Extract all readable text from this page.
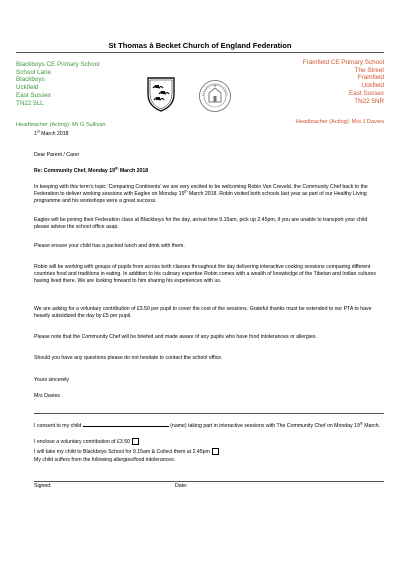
St Thomas à Becket Church of England Federation
Blackboys CE Primary School
School Lane
Blackboys
Uckfield
East Sussex
TN22 5LL
Framfield CE Primary School
The Street
Framfield
Uckfield
East Sussex
TN22 5NR
Headteacher (Acting): Mr G Sullivan	Headteacher (Acting): Mrs J Davies
1st March 2018
Dear Parent / Carer
Re: Community Chef, Monday 19th March 2018

In keeping with this term’s topic ‘Comparing Continents’ we are very excited to be welcoming Robin Van Creveld, the Community Chef back to the Federation to deliver working sessions with Eagles on Monday 19th March 2018. Robin visited both schools last year as part of our Healthy Living programme and his workshops were a great success.

Eagles will be joining their Federation class at Blackboys for the day, arrival time 9.15am, pick up 2.45pm, if you are unable to transport your child please advise the school office asap.

Please ensure your child has a packed lunch and drink with them.

Robin will be working with groups of pupils from across both classes throughout the day delivering interactive cooking sessions comparing different countries food and traditions in eating. In addition to his culinary expertise Robin comes with a wealth of knowledge of the Tibetan and Indian cultures having lived there. We are looking forward to him sharing his experiences with us.

We are asking for a voluntary contribution of £3.50 per pupil to cover the cost of the sessions. Grateful thanks must be extended to our PTA to have heavily subsidized the day by £5 per pupil.

Please note that the Community Chef will be briefed and made aware of any pupils who have food intolerances or allergies.

Should you have any questions please do not hesitate to contact the school office.

Yours sincerely
Mrs Davies
I consent to my child	(name) taking part in interactive sessions with The Community Chef on Monday 19th March.
I enclose a voluntary contribution of £3.50
I will take my child to Blackboys School for 9.15am & Collect them at 2.45pm
My child suffers from the following allergies/food intolerances:
Signed:	Date:
